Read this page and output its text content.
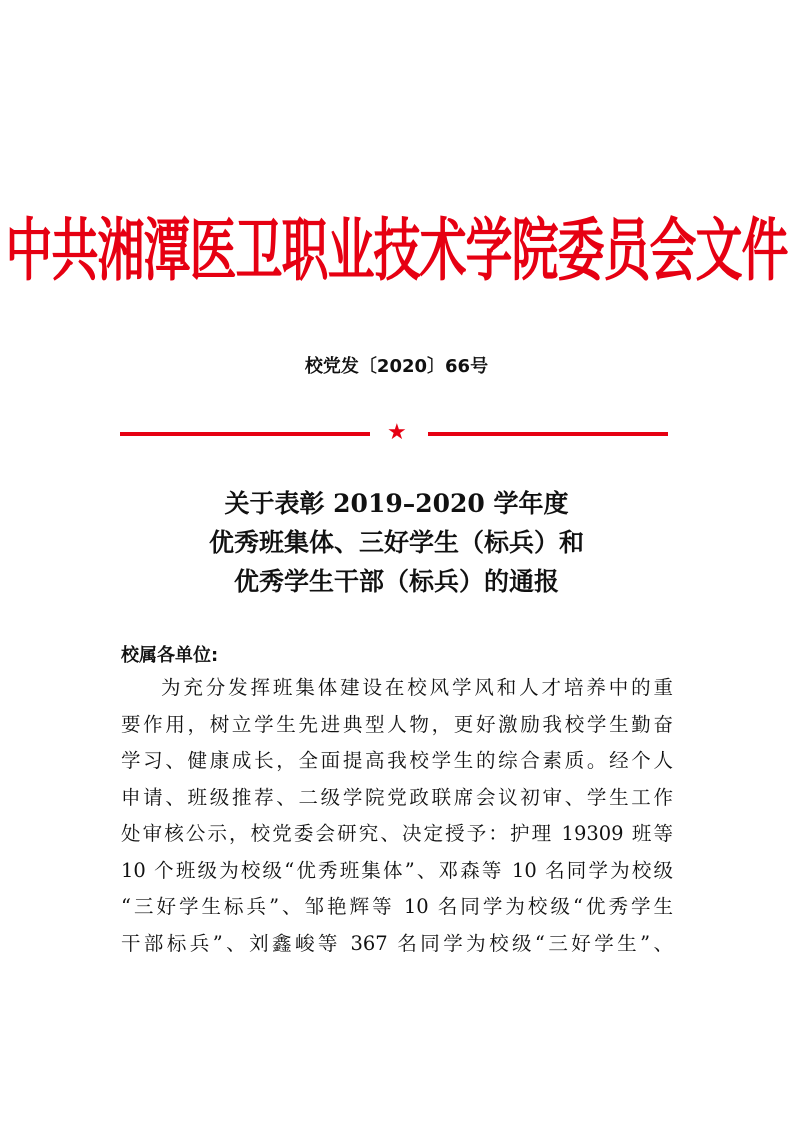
中共湘潭医卫职业技术学院委员会文件
校党发〔2020〕66号
★
关于表彰 2019–2020 学年度
优秀班集体、三好学生（标兵）和
优秀学生干部（标兵）的通报
校属各单位:
为充分发挥班集体建设在校风学风和人才培养中的重
要作用，树立学生先进典型人物，更好激励我校学生勤奋
学习、健康成长，全面提高我校学生的综合素质。经个人
申请、班级推荐、二级学院党政联席会议初审、学生工作
处审核公示，校党委会研究、决定授予：护理 19309 班等
10 个班级为校级“优秀班集体”、邓森等 10 名同学为校级
“三好学生标兵”、邹艳辉等 10 名同学为校级“优秀学生
干部标兵”、刘鑫峻等 367 名同学为校级“三好学生”、
